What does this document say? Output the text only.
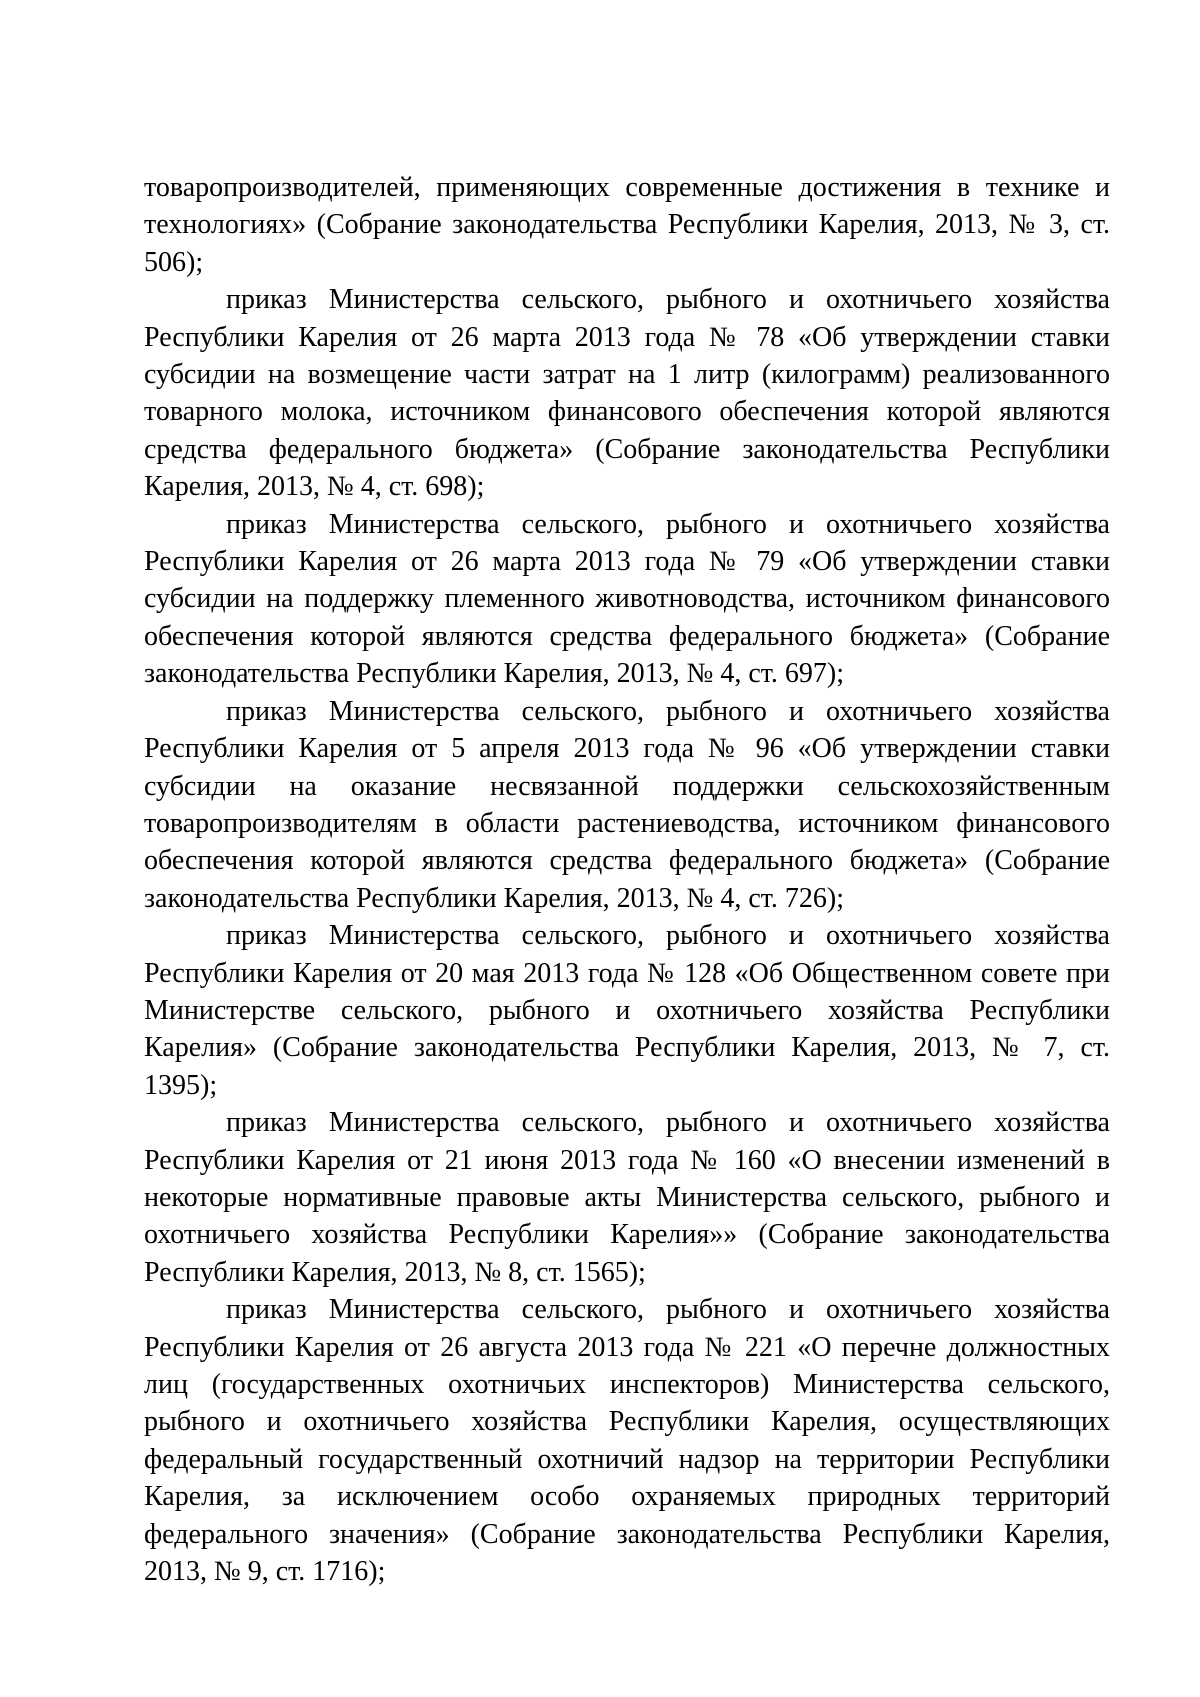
товаропроизводителей, применяющих современные достижения в технике и технологиях» (Собрание законодательства Республики Карелия, 2013, № 3, ст. 506);

приказ Министерства сельского, рыбного и охотничьего хозяйства Республики Карелия от 26 марта 2013 года № 78 «Об утверждении ставки субсидии на возмещение части затрат на 1 литр (килограмм) реализованного товарного молока, источником финансового обеспечения которой являются средства федерального бюджета» (Собрание законодательства Республики Карелия, 2013, № 4, ст. 698);

приказ Министерства сельского, рыбного и охотничьего хозяйства Республики Карелия от 26 марта 2013 года № 79 «Об утверждении ставки субсидии на поддержку племенного животноводства, источником финансового обеспечения которой являются средства федерального бюджета» (Собрание законодательства Республики Карелия, 2013, № 4, ст. 697);

приказ Министерства сельского, рыбного и охотничьего хозяйства Республики Карелия от 5 апреля 2013 года № 96 «Об утверждении ставки субсидии на оказание несвязанной поддержки сельскохозяйственным товаропроизводителям в области растениеводства, источником финансового обеспечения которой являются средства федерального бюджета» (Собрание законодательства Республики Карелия, 2013, № 4, ст. 726);

приказ Министерства сельского, рыбного и охотничьего хозяйства Республики Карелия от 20 мая 2013 года № 128 «Об Общественном совете при Министерстве сельского, рыбного и охотничьего хозяйства Республики Карелия» (Собрание законодательства Республики Карелия, 2013, № 7, ст. 1395);

приказ Министерства сельского, рыбного и охотничьего хозяйства Республики Карелия от 21 июня 2013 года № 160 «О внесении изменений в некоторые нормативные правовые акты Министерства сельского, рыбного и охотничьего хозяйства Республики Карелия»» (Собрание законодательства Республики Карелия, 2013, № 8, ст. 1565);

приказ Министерства сельского, рыбного и охотничьего хозяйства Республики Карелия от 26 августа 2013 года № 221 «О перечне должностных лиц (государственных охотничьих инспекторов) Министерства сельского, рыбного и охотничьего хозяйства Республики Карелия, осуществляющих федеральный государственный охотничий надзор на территории Республики Карелия, за исключением особо охраняемых природных территорий федерального значения» (Собрание законодательства Республики Карелия, 2013, № 9, ст. 1716);
